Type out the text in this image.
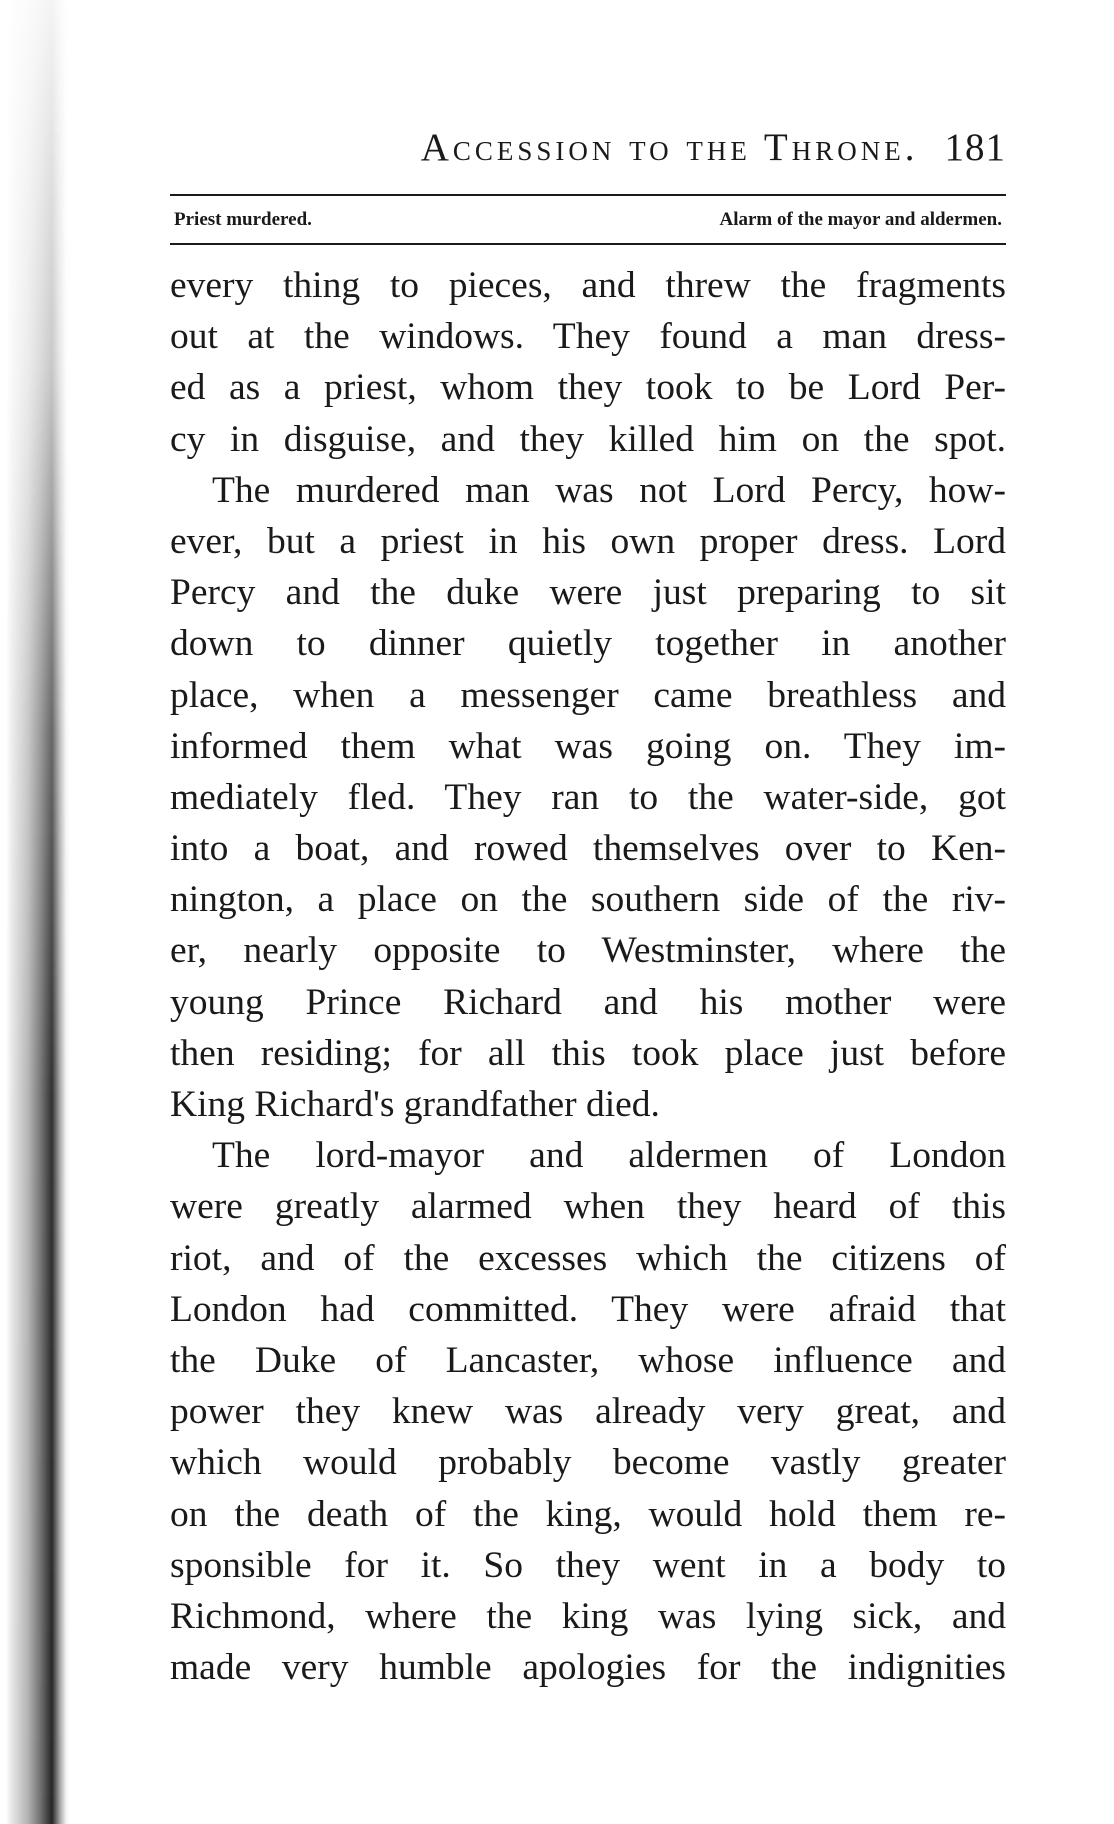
Accession to the Throne. 181
Priest murdered.	Alarm of the mayor and aldermen.
every thing to pieces, and threw the fragments
out at the windows. They found a man dress-
ed as a priest, whom they took to be Lord Per-
cy in disguise, and they killed him on the spot.
The murdered man was not Lord Percy, how-
ever, but a priest in his own proper dress. Lord
Percy and the duke were just preparing to sit
down to dinner quietly together in another
place, when a messenger came breathless and
informed them what was going on. They im-
mediately fled. They ran to the water-side, got
into a boat, and rowed themselves over to Ken-
nington, a place on the southern side of the riv-
er, nearly opposite to Westminster, where the
young Prince Richard and his mother were
then residing; for all this took place just before
King Richard's grandfather died.
The lord-mayor and aldermen of London
were greatly alarmed when they heard of this
riot, and of the excesses which the citizens of
London had committed. They were afraid that
the Duke of Lancaster, whose influence and
power they knew was already very great, and
which would probably become vastly greater
on the death of the king, would hold them re-
sponsible for it. So they went in a body to
Richmond, where the king was lying sick, and
made very humble apologies for the indignities
